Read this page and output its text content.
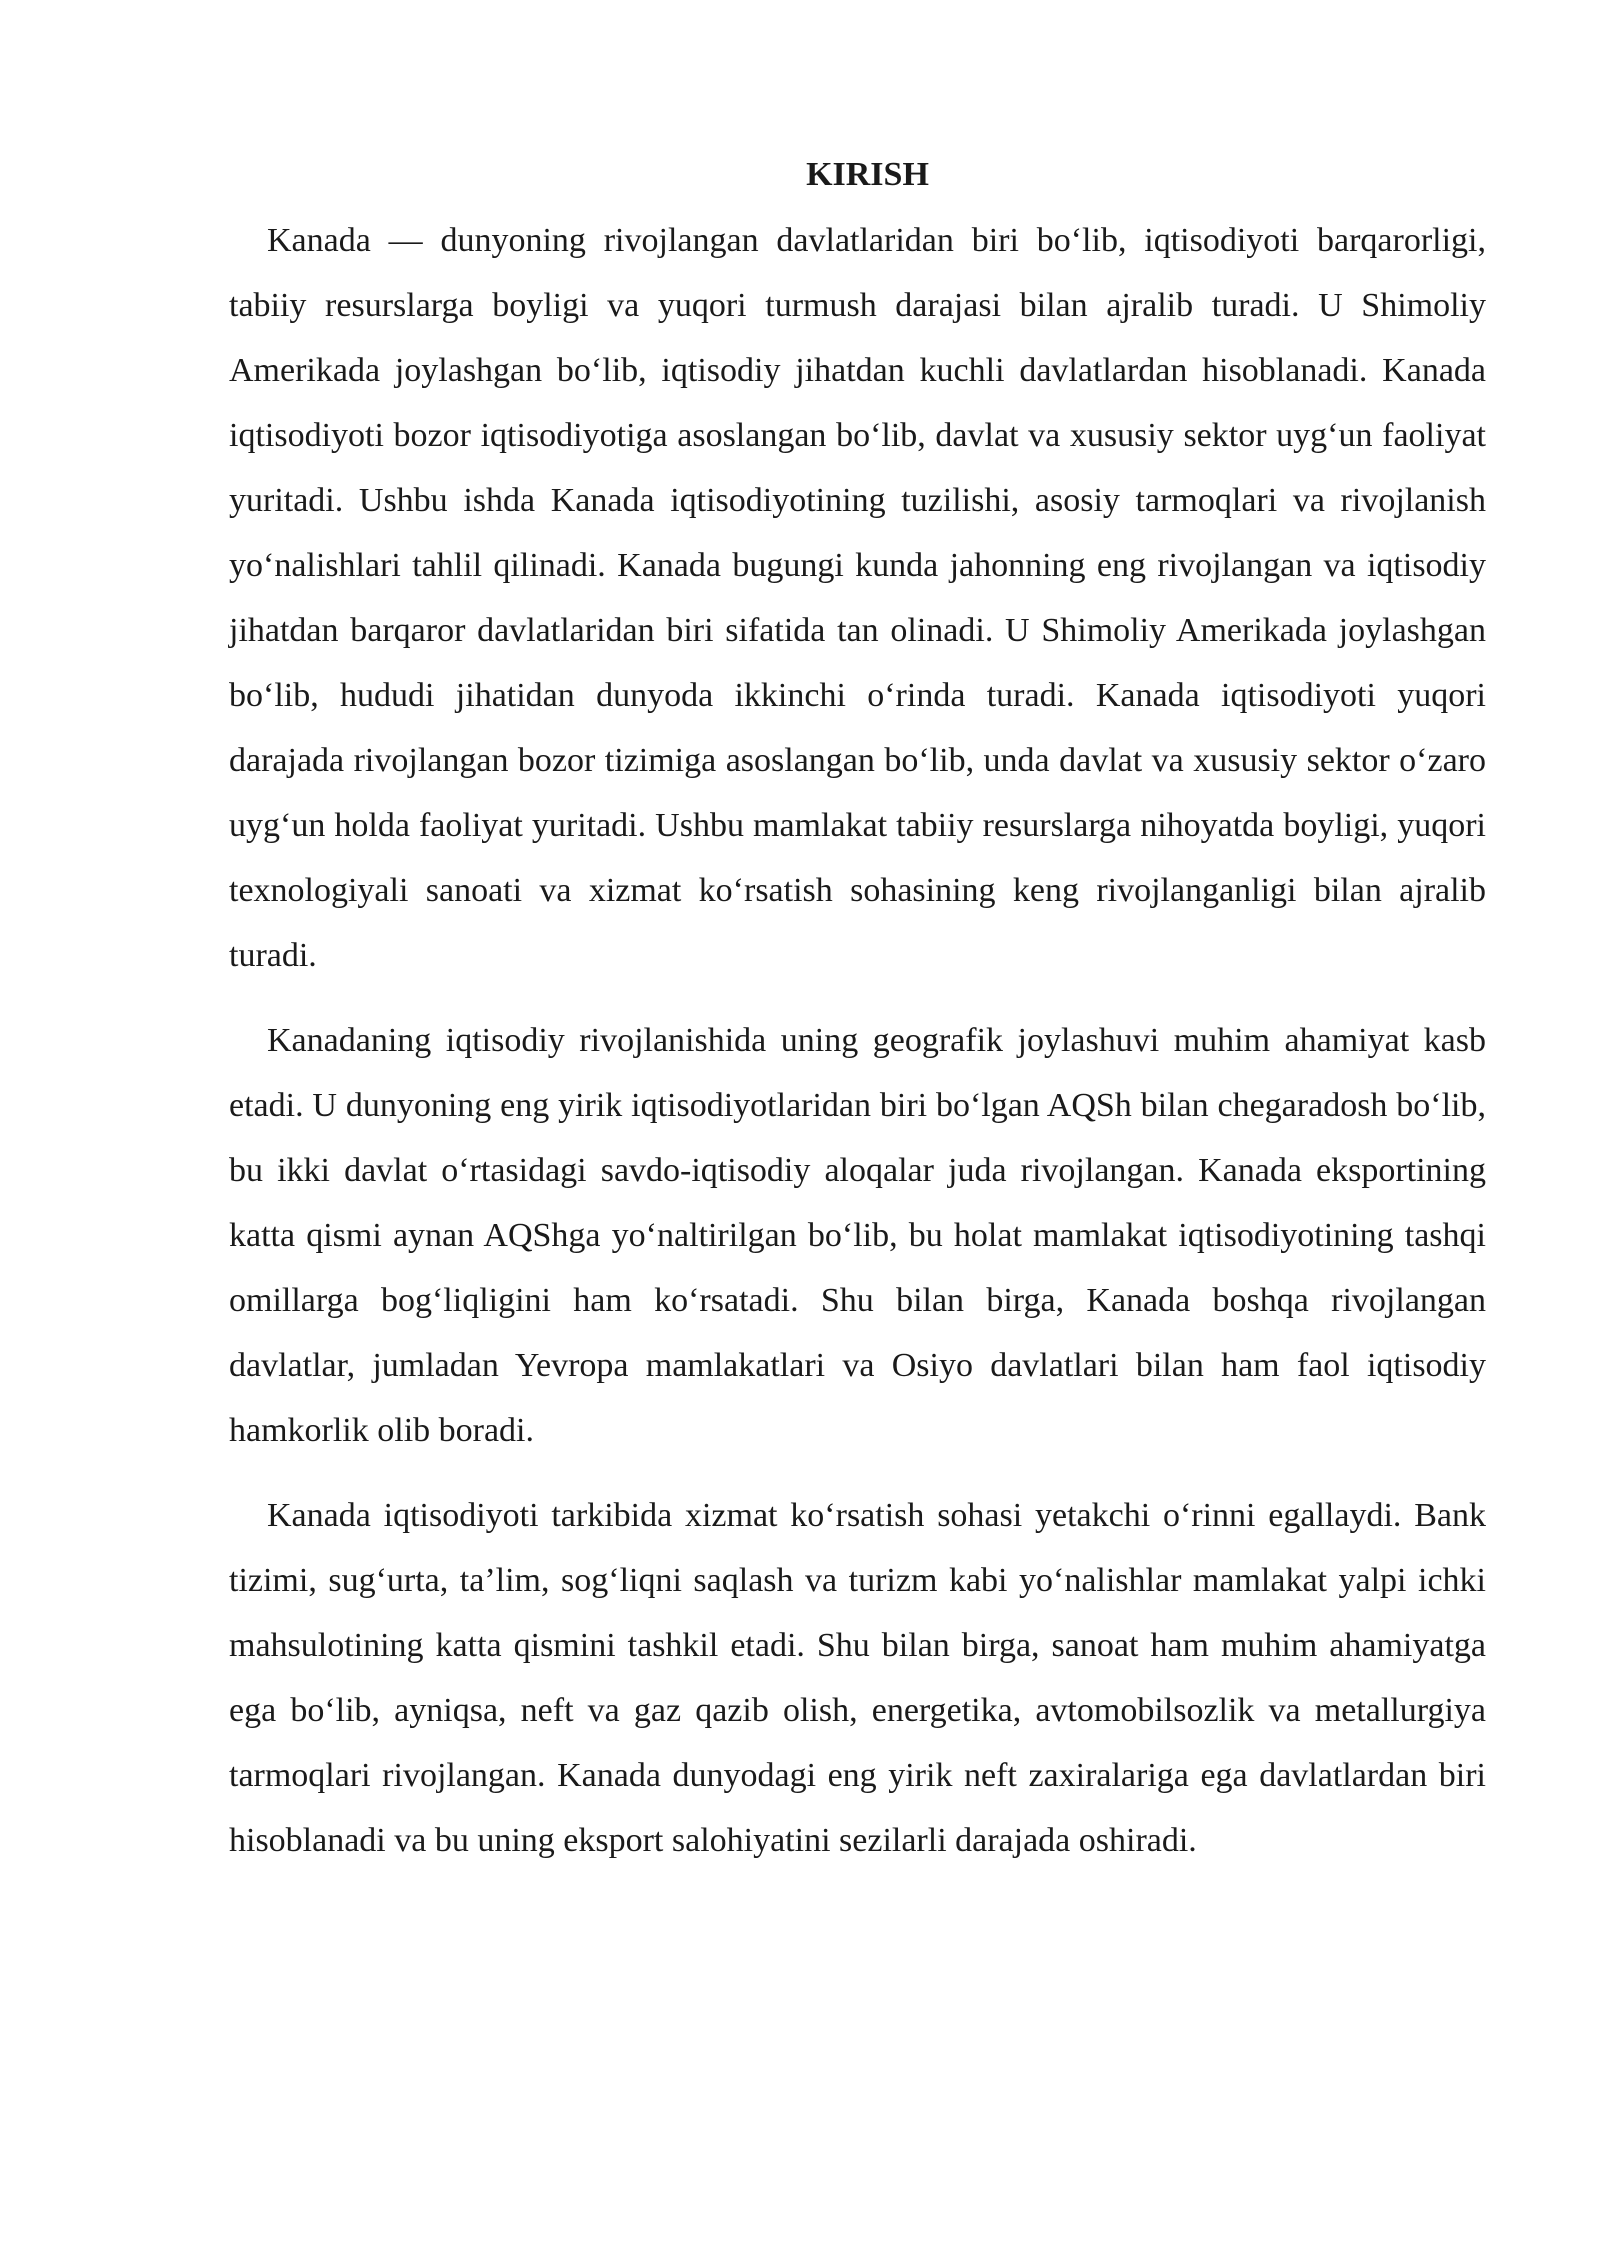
KIRISH

Kanada — dunyoning rivojlangan davlatlaridan biri bo‘lib, iqtisodiyoti barqarorligi, tabiiy resurslarga boyligi va yuqori turmush darajasi bilan ajralib turadi. U Shimoliy Amerikada joylashgan bo‘lib, iqtisodiy jihatdan kuchli davlatlardan hisoblanadi. Kanada iqtisodiyoti bozor iqtisodiyotiga asoslangan bo‘lib, davlat va xususiy sektor uyg‘un faoliyat yuritadi. Ushbu ishda Kanada iqtisodiyotining tuzilishi, asosiy tarmoqlari va rivojlanish yo‘nalishlari tahlil qilinadi. Kanada bugungi kunda jahonning eng rivojlangan va iqtisodiy jihatdan barqaror davlatlaridan biri sifatida tan olinadi. U Shimoliy Amerikada joylashgan bo‘lib, hududi jihatidan dunyoda ikkinchi o‘rinda turadi. Kanada iqtisodiyoti yuqori darajada rivojlangan bozor tizimiga asoslangan bo‘lib, unda davlat va xususiy sektor o‘zaro uyg‘un holda faoliyat yuritadi. Ushbu mamlakat tabiiy resurslarga nihoyatda boyligi, yuqori texnologiyali sanoati va xizmat ko‘rsatish sohasining keng rivojlanganligi bilan ajralib turadi.

Kanadaning iqtisodiy rivojlanishida uning geografik joylashuvi muhim ahamiyat kasb etadi. U dunyoning eng yirik iqtisodiyotlaridan biri bo‘lgan AQSh bilan chegaradosh bo‘lib, bu ikki davlat o‘rtasidagi savdo-iqtisodiy aloqalar juda rivojlangan. Kanada eksportining katta qismi aynan AQShga yo‘naltirilgan bo‘lib, bu holat mamlakat iqtisodiyotining tashqi omillarga bog‘liqligini ham ko‘rsatadi. Shu bilan birga, Kanada boshqa rivojlangan davlatlar, jumladan Yevropa mamlakatlari va Osiyo davlatlari bilan ham faol iqtisodiy hamkorlik olib boradi.

Kanada iqtisodiyoti tarkibida xizmat ko‘rsatish sohasi yetakchi o‘rinni egallaydi. Bank tizimi, sug‘urta, ta’lim, sog‘liqni saqlash va turizm kabi yo‘nalishlar mamlakat yalpi ichki mahsulotining katta qismini tashkil etadi. Shu bilan birga, sanoat ham muhim ahamiyatga ega bo‘lib, ayniqsa, neft va gaz qazib olish, energetika, avtomobilsozlik va metallurgiya tarmoqlari rivojlangan. Kanada dunyodagi eng yirik neft zaxiralariga ega davlatlardan biri hisoblanadi va bu uning eksport salohiyatini sezilarli darajada oshiradi.
